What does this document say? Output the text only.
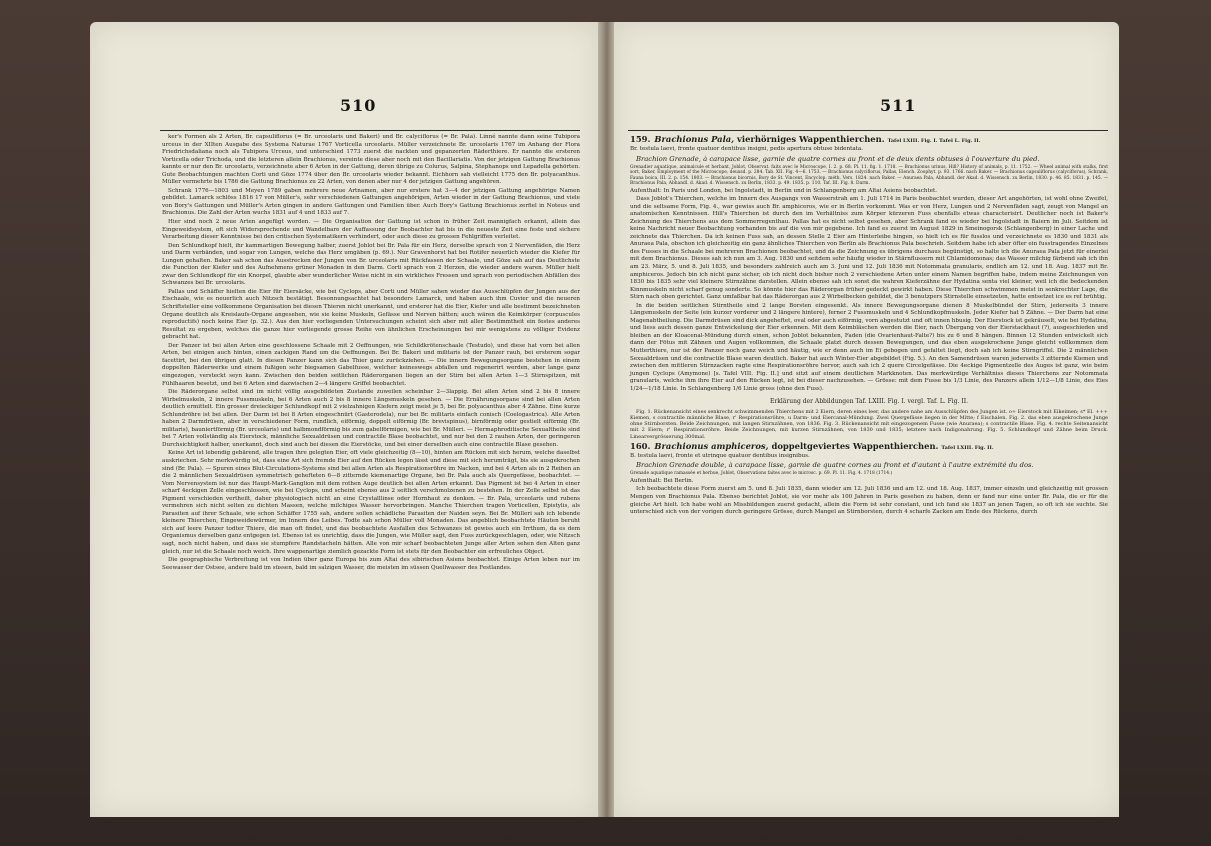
510

ker's Formen als 2 Arten, Br. capsuliflorus (= Br. urceolaris und Bakeri) und Br. calyciflorus (= Br. Pala). Linné nannte dann seine Tubipora urceus in der XIIten Ausgabe des Systema Naturae 1767 Vorticella urceolaris. Müller verzeichnete Br. urceolaris 1767 im Anhang der Flora Friedrichsdaliana noch als Tubipora Urceus, und unterschied 1773 zuerst die nackten und gepanzerten Räderthiere. Er nannte die ersteren Vorticella oder Trichoda, und die letzteren allein Brachionus, vereinte diese aber noch mit den Bacillariatis. Von der jetzigen Gattung Brachionus kannte er nur den Br. urceolaris, verzeichnete aber 6 Arten in der Gattung, deren übrige zu Colurus, Salpina, Stephanops und Lepadella gehörten. Gute Beobachtungen machten Corti und Göze 1774 über den Br. urceolaris wieder bekannt. Eichhorn sah vielleicht 1775 den Br. polyacanthus. Müller vermehrte bis 1786 die Gattung Brachionus zu 22 Arten, von denen aber nur 4 der jetzigen Gattung angehören.

Schrank 1776—1803 und Meyen 1789 gaben mehrere neue Artnamen, aber nur erstere hat 3—4 der jetzigen Gattung angehörige Namen gebildet. Lamarck schlöss 1816 17 von Müller's, sehr verschiedenen Gattungen angehörigen, Arten wieder in der Gattung Brachionus, und viele von Bory's Gattungen und Müller's Arten gingen in andere Gattungen und Familien über. Auch Bory's Gattung Brachionus zerfiel in Noteus und Brachionus. Die Zahl der Arten wuchs 1831 auf 4 und 1833 auf 7.

Hier sind noch 2 neue Arten angefügt worden. — Die Organisation der Gattung ist schon in früher Zeit mannigfach erkannt, allein das Eingeweidsystem, oft sich Widersprechende und Wandelbare der Auffassung der Beobachter hat bis in die neueste Zeit eine feste und sichere Verarbeitung dieser Kenntnisse bei den critischen Systematikern verhindert, oder auch diese zu grossen Fehlgriffen verleitet.

Den Schlundkopf hielt, ihr kammartigen Bewegung halber, zuerst Joblot bei Br. Pala für ein Herz, derselbe sprach von 2 Nervenfäden, die Herz und Darm verbänden, und sogar von Lungen, welche das Herz umgäben (p. 69.). Nur Gravenhorst hat bei Rotifer neuerlich wieder die Kiefer für Lungen gehalten. Baker sah schon das Ausstrecken der Jungen von Br. urceolaris mit Rückfassen der Schaale, und Göze sah auf das Deutlichste die Function der Kiefer und des Aufnehmens grüner Monaden in den Darm. Corti sprach von 2 Herzen, die wieder andere waren. Müller hielt zwar den Schlundkopf für ein Knorpel, glaubte aber wunderlicher Weise nicht in ein wirkliches Fressen und sprach von periodischen Abfällen des Schwanzes bei Br. urceolaris.

Pallas und Schäffer hielten die Eier für Eiersäcke, wie bei Cyclops, aber Corti und Müller sahen wieder das Ausschlüpfen der Jungen aus der Eischaale, wie es neuerlich auch Nitzsch bestätigt. Besonnungsachtet hat besonders Lamarck, und haben auch ihm Cuvier und die neueren Schriftsteller eine vollkommene Organisation bei diesen Thieren nicht unerkannt, und ersterer hat die Eier, Kiefer und alle bestimmt bezeichneten Organe deutlich als Kreislaufs-Organe angesehen, wie sie keine Muskeln, Gefässe und Nerven hätten; auch wären die Keimkörper (corpuscules reproductifs) noch keine Eier (p. 32.). Aus den hier vorliegenden Untersuchungen scheint sich aber mit aller Bestimmtheit ein festes anderes Resultat zu ergeben, welches die ganze hier vorliegende grosse Reihe von ähnlichen Erscheinungen bei mir wenigstens zu völliger Evidenz gebracht hat.

Der Panzer ist bei allen Arten eine geschlossene Schaale mit 2 Oeffnungen, wie Schildkrötenschaale (Testudo), und diese hat vorn bei allen Arten, bei einigen auch hinten, einen zackigen Rand um die Oeffnungen. Bei Br. Bakeri und militaris ist der Panzer rauh, bei ersterem sogar facettirt, bei den übrigen glatt. In diesen Panzer kann sich das Thier ganz zurückziehen. — Die innern Bewegungsorgane bestehen in einem doppelten Räderwerke und einem fußigen sehr biegsamen Gabelfusse, welcher keineswegs abfallen und regenerirt werden, aber lange ganz eingezogen, versteckt seyn kann. Zwischen den beiden seitlichen Räderorganen liegen an der Stirn bei allen Arten 1—3 Stirnspitzen, mit Fühlhaaren besetzt, und bei 6 Arten sind dazwischen 2—4 längere Griffel beobachtet.

Die Räderorgane selbst sind im nicht völlig ausgebildeten Zustande zuweilen scheinbar 2—3lappig. Bei allen Arten sind 2 bis 8 innere Wirbelmuskeln, 2 innere Fussmuskeln, bei 6 Arten auch 2 bis 8 innere Längsmuskeln gesehen. — Die Ernährungsorgane sind bei allen Arten deutlich ermittelt. Ein grosser dreieckiger Schlundkopf mit 2 vielzahnigen Kiefern zeigt meist je 5, bei Br. polyacanthus aber 4 Zähne. Eine kurze Schlundröhre ist bei allen. Der Darm ist bei 8 Arten eingeschnürt (Gasterodela), nur bei Br. militaris einfach conisch (Coelogastrica). Alle Arten haben 2 Darmdrüsen, aber in verschiedener Form, rundlich, eiförmig, doppelt eiförmig (Br. brevispinus), birnförmig oder gestielt eiförmig (Br. militaris), bauniertförmig (Br. urceolaris) und halbmondförmig bis zum gabelförmigen, wie bei Br. Mülleri. — Hermaphroditische Sexualtheile sind bei 7 Arten vollständig als Eierstock, männliche Sexualdrüsen und contractile Blase beobachtet, und nur bei den 2 rauhen Arten, der geringeren Durchsichtigkeit halber, unerkannt, doch sind auch bei diesen die Eierstöcke, und bei einer derselben auch eine contractile Blase gesehen.

Keine Art ist lebendig gebärend, alle tragen ihre gelegten Eier, oft viele gleichzeitig (8—10), hinten am Rücken mit sich herum, welche daselbst auskriechen. Sehr merkwürdig ist, dass eine Art sich fremde Eier auf den Rücken legen lässt und diese mit sich herumträgt, bis sie ausgekrochen sind (Br. Pala). — Spuren eines Blut-Circulations-Systems sind bei allen Arten als Respirationsröhre im Nacken, und bei 4 Arten als in 2 Reihen an die 2 männlichen Sexualdrüsen symmetrisch gehefteten 6—8 zitternde kiemenartige Organe, bei Br. Pala auch als Quergefässe, beobachtet. — Vom Nervensystem ist nur das Haupt-Mark-Ganglion mit dem rothen Auge deutlich bei allen Arten erkannt. Das Pigment ist bei 4 Arten in einer scharf 4eckigen Zelle eingeschlossen, wie bei Cyclops, und scheint ebenso aus 2 seitlich verschmolzenen zu bestehen. In der Zelle selbst ist das Pigment verschieden vertheilt, daher physiologisch nicht an eine Crystalllinse oder Hornhaut zu denken. — Br. Pala, urceolaris und rubens vermehren sich nicht selten zu dichten Massen, welche milchiges Wasser hervorbringen. Manche Thierchen tragen Vorticellen, Epistylis, als Parasiten auf ihrer Schaale, wie schon Schäffer 1755 sah, andere sollen schädliche Parasiten der Naiden seyn. Bei Br. Mülleri sah ich lebende kleinere Thierchen, Eingeweidewürmer, im Innern des Leibes. Todte sah schon Müller voll Monaden. Das angeblich beobachtete Häuten beruht sich auf leere Panzer todter Thiere, die man oft findet, und das beobachtete Ausfallen des Schwanzes ist gewiss auch ein Irrthum, da es dem Organismus derselben ganz entgegen ist. Ebenso ist es unrichtig, dass die Jungen, wie Müller sagt, den Fuss zurückgeschlagen, oder, wie Nitzsch sagt, noch nicht haben, und dass sie stumpfere Randstacheln hätten. Alle von mir scharf beobachteten Junge aller Arten sehen den Alten ganz gleich, nur ist die Schaale noch weich. Ihre wappenartige ziemlich gezackte Form ist stets für den Beobachter ein erfreuliches Object.

Die geographische Verbreitung ist von Indien über ganz Europa bis zum Altai des sibirischen Asiens beobachtet. Einige Arten leben nur im Seewasser der Ostsee, andere bald im süssen, bald im salzigen Wasser, die meisten im süssen Quellwasser des Festlandes.

511

159. Brachionus Pala, vierhörniges Wappenthierchen. Tafel LXIII. Fig. I. Tafel L. Fig. II.

Br. testula laevi, fronte quatuor dentibus insigni, pedis apertura obtuse bidentata.

Brachion Grenade, à carapace lisse, garnie de quatre cornes au front et de deux dents obtuses à l'ouverture du pied.

Grenadier aquatique, animalcule et herbant, Joblot, Observat. faits avec le Microscope, I. 2. p. 68. Pl. 11. fig. 1. 1718. — Brachionus urinus, Hill? History of animals, p. 11. 1752. — Wheel animal with stalks, first sort, Baker, Employment of the Microscope, deuxsd. p. 284. Tab. XII. Fig. 4—6. 1753. — Brachionus calyciflorus, Pallas, Elench. Zoophyt. p. 93. 1766. nach Baker. — Brachionus capsuliflorus (calyciflorus), Schrank, Fauna boica, III. 2. p. 154. 1803. — Brachionus bicornis, Bory de St. Vincent, Encyclop. méth. Vers. 1824. nach Baker. — Anuraea Pala, Abhandl. der Akad. d. Wissensch. zu Berlin, 1830. p. 46. 85. 1831. p. 145. — Brachionus Pala, Abhandl. d. Akad. d. Wissensch. zu Berlin, 1833. p. 49. 1835. p. 110. Taf. III. Fig. 8. Darm.

Aufenthalt: In Paris und London, bei Ingolstadt, in Berlin und in Schlangenberg am Altai Asiens beobachtet.

Dass Joblot's Thierchen, welche im Innern des Ausgangs von Wasserstrah am 1. Juli 1714 in Paris beobachtet wurden, dieser Art angehörten, ist wohl ohne Zweifel, und die seltsame Form, Fig. 4., war gewiss auch Br. amphiceros, wie er in Berlin vorkommt. Was er von Herz, Lungen und 2 Nervenfäden sagt, zeugt von Mangel an anatomischen Kenntnissen. Hill's Thierchen ist durch den im Verhältniss zum Körper kürzeren Fuss ebenfalls etwas characterisirt. Deutlicher noch ist Baker's Zeichnung des Thierchens aus dem Sommerregenthau. Pallas hat es nicht selbst gesehen, aber Schrank fand es wieder bei Ingolstadt in Baiern im Juli. Seitdem ist keine Nachricht neuer Beobachtung vorhanden bis auf die von mir gegebene. Ich fand es zuerst im August 1829 in Smeinogorsk (Schlangenberg) in einer Lache und zeichnete das Thierchen. Da ich keinen Fuss sah, an dessen Stelle 2 Eier am Hinterleibe hingen, so hielt ich es für fusslos und verzeichnete es 1830 und 1831 als Anuraea Pala, obschon ich gleichzeitig ein ganz ähnliches Thierchen von Berlin als Brachionus Pala beschrieb. Seitdem habe ich aber öfter ein fusstragendes Einzelnes des Fusses in die Schaale bei mehreren Brachionen beobachtet, und da die Zeichnung es übrigens durchaus begünstigt, so halte ich die Anuraea Pala jetzt für einerlei mit dem Brachionus. Dieses sah ich nun am 3. Aug. 1830 und seitdem sehr häufig wieder in Stärnflussern mit Chlamidomonas; das Wasser milchig färbend sah ich ihn am 23. März, 5. und 8. Juli 1835, und besonders zahlreich auch am 3. Juni und 12. Juli 1836 mit Notommata granularis, endlich am 12. und 18. Aug. 1837 mit Br. amphiceros. Jedoch bin ich nicht ganz sicher, ob ich nicht doch bisher noch 2 verschiedene Arten unter einem Namen begriffen habe, indem meine Zeichnungen von 1830 bis 1835 sehr viel kleinere Stirnzähne darstellen. Allein ebenso sah ich sonst die wahren Kieferzähne der Hydatina senta viel kleiner, weil ich die bedeckenden Kinnmuskeln nicht scharf genug sonderte. So könnte hier das Räderorgan früher gedeckt gewirkt haben. Diese Thierchen schwimmen meist in senkrechter Lage, die Stirn nach oben gerichtet. Ganz umfaßbar hat das Räderorgan aus 2 Wirbelbecken gebildet, die 3 benutzpers Stirnstelle einsetzeten, hatte entsetzet ice es ref brühtig.

In die beiden seitlichen Stirntheile sind 2 lange Borsten eingesenkt. Als innere Bewegungsorgane dienen 8 Muskelbündel der Stirn, jederseits 3 innere Längsmuskeln der Seite (ein kurzer vorderer und 2 längere hintere), ferner 2 Fussmuskeln und 4 Schlundkopfmuskeln. Jeder Kiefer hat 5 Zähne. — Der Darm hat eine Magenabtheilung. Die Darmdrüsen sind dick angeheftet, oval oder auch eiförmig, vorn abgestutzt und oft innen hbusig. Der Eierstock ist gekräuselt, wie bei Hydatina, und liess auch dessen ganze Entwickelung der Eier erkennen. Mit dem Keimbläschen werden die Eier, nach Übergang von der Eierstackhaut (?), ausgeschieden und bleiben an der Kloacenal-Mündung durch einen, schon Joblot bekannten, Faden (die Ovarienhaut-Falte?) bis zu 6 und 8 hängen. Binnen 12 Stunden entwickelt sich dann der Fötus mit Zähnen und Augen vollkommen, die Schaale platzt durch dessen Bewegungen, und das eben ausgekrochene Junge gleicht vollkommen dem Mutterthiere, nur ist der Panzer noch ganz weich und häutig, wie er denn auch im Ei gebogen und gefaltet liegt, doch sah ich keine Stirngriffel. Die 2 männlichen Sexualdrüsen und die contractile Blase waren deutlich. Baker hat auch Winter-Eier abgebildet (Fig. 5.). An den Samendrüsen waren jederseits 3 zitternde Kiemen und zwischen den mittleren Stirnzacken ragte eine Respirationsröhre hervor, auch sah ich 2 quere Circelgefässe. Die 4eckige Pigmentzelle des Auges ist ganz, wie beim jungen Cyclops (Amymone) [s. Tafel VIII. Fig. II.] und sitzt auf einem deutlichen Markknoten. Das merkwürdige Verhältniss dieses Thierchens zur Notommata granularis, welche ihm ihre Eier auf den Rücken legt, ist bei dieser nachzusehen. — Grösse: mit dem Fusse bis 1/3 Linie, des Panzers allein 1/12—1/8 Linie, des Eies 1/24—1/18 Linie. In Schlangenberg 1/6 Linie gross (ohne den Fuss).

Erklärung der Abbildungen Taf. LXIII. Fig. I. vergl. Taf. L. Fig. II.

Fig. 1. Rückenansicht eines senkrecht schwimmenden Thierchens mit 2 Eiern, deren eines leer, das andere nahe am Ausschlüpfen des Jungen ist. o+ Eierstock mit Eikeimen; s* El. +++ Kiemen, s contractile männliche Blase, r' Respirationsröhre, u Darm- und Eiercanal-Mündung. Zwei Quergefässe liegen in der Mitte; f Eischalen. Fig. 2. das eben ausgekrochene Junge ohne Stirnborsten. Beide Zeichnungen, mit langen Stirnzähnen, von 1836. Fig. 3. Rückenansicht mit eingezogenem Fusse (wie Anuraea); s contractile Blase. Fig. 4. rechte Seitenansicht mit 2 Eiern; r' Respirationsröhre. Beide Zeichnungen, mit kurzen Stirnzähnen, von 1830 und 1835; letztere nach Indigonahrung. Fig. 5. Schlundkopf und Zähne beim Druck. Linearvergrösserung 300mal.

160. Brachionus amphiceros, doppeltgeviertes Wappenthierchen. Tafel LXIII. Fig. II.

B. testula laevi, fronte et utrinque quatuor dentibus insignibus.

Brachion Grenade double, à carapace lisse, garnie de quatre cornes au front et d'autant à l'autre extrémité du dos.

Grenade aquatique ramassée et herbue, Joblot, Observations faites avec le microsc. p. 69. Pl. 11. Fig. 4. 1718 (1714.)

Aufenthalt: Bei Berlin.

Ich beobachtete diese Form zuerst am 5. und 8. Juli 1835, dann wieder am 12. Juli 1836 und am 12. und 18. Aug. 1837, immer einzeln und gleichzeitig mit grossen Mengen von Brachionus Pala. Ebenso berichtet Joblot, sie vor mehr als 100 Jahren in Paris gesehen zu haben, denn er fand nur eine unter Br. Pala, die er für die gleiche Art hielt. Ich habe wohl an Missbildungen zuerst gedacht, allein die Form ist sehr constant, und ich fand sie 1837 an jenen Tagen, so oft ich sie suchte. Sie unterschied sich von der vorigen durch geringere Grösse, durch Mangel an Stirnborsten, durch 4 scharfe Zacken am Ende des Rückens, durch
